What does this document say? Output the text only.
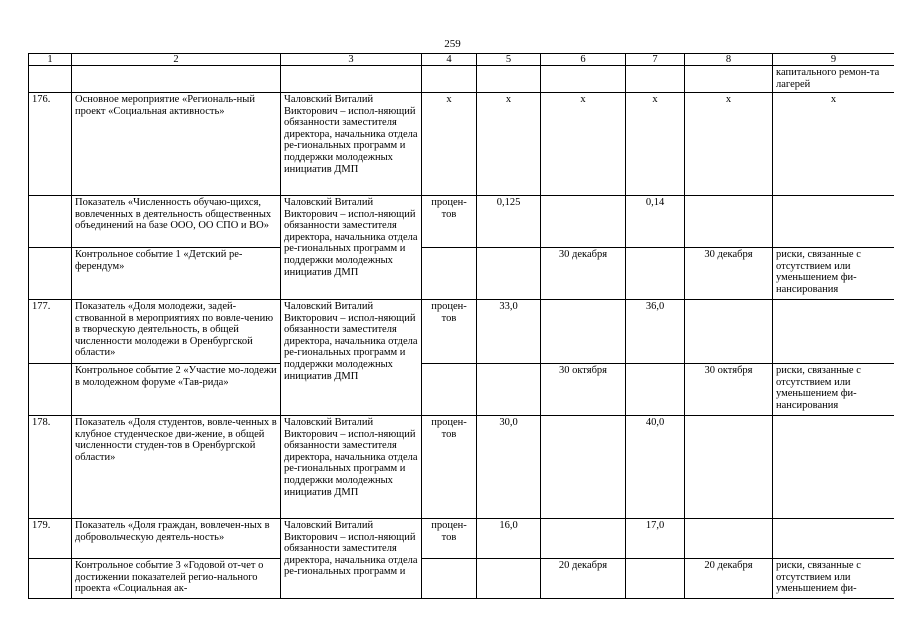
259
1	2	3	4	5	6	7	8	9
								капитального ремон-та лагерей
176.	Основное мероприятие «Региональ-ный проект «Социальная активность»	Чаловский Виталий Викторович – испол-няющий обязанности заместителя директора, начальника отдела ре-гиональных программ и поддержки молодежных инициатив ДМП	х	х	х	х	х	х
	Показатель «Численность обучаю-щихся, вовлеченных в деятельность общественных объединений на базе ООО, ОО СПО и ВО»	Чаловский Виталий Викторович – испол-няющий обязанности заместителя директора, начальника отдела ре-гиональных программ и поддержки молодежных инициатив ДМП	процен-тов	0,125		0,14		
	Контрольное событие 1 «Детский ре-ферендум»				30 декабря		30 декабря	риски, связанные с отсутствием или уменьшением фи-нансирования
177.	Показатель «Доля молодежи, задей-ствованной в мероприятиях по вовле-чению в творческую деятельность, в общей численности молодежи в Оренбургской области»	Чаловский Виталий Викторович – испол-няющий обязанности заместителя директора, начальника отдела ре-гиональных программ и поддержки молодежных инициатив ДМП	процен-тов	33,0		36,0		
	Контрольное событие 2 «Участие мо-лодежи в молодежном форуме «Тав-рида»				30 октября		30 октября	риски, связанные с отсутствием или уменьшением фи-нансирования
178.	Показатель «Доля студентов, вовле-ченных в клубное студенческое дви-жение, в общей численности студен-тов в Оренбургской области»	Чаловский Виталий Викторович – испол-няющий обязанности заместителя директора, начальника отдела ре-гиональных программ и поддержки молодежных инициатив ДМП	процен-тов	30,0		40,0		
179.	Показатель «Доля граждан, вовлечен-ных в добровольческую деятель-ность»	Чаловский Виталий Викторович – испол-няющий обязанности заместителя директора, начальника отдела ре-гиональных программ и	процен-тов	16,0		17,0		
	Контрольное событие 3 «Годовой от-чет о достижении показателей регио-нального проекта «Социальная ак-				20 декабря		20 декабря	риски, связанные с отсутствием или уменьшением фи-
